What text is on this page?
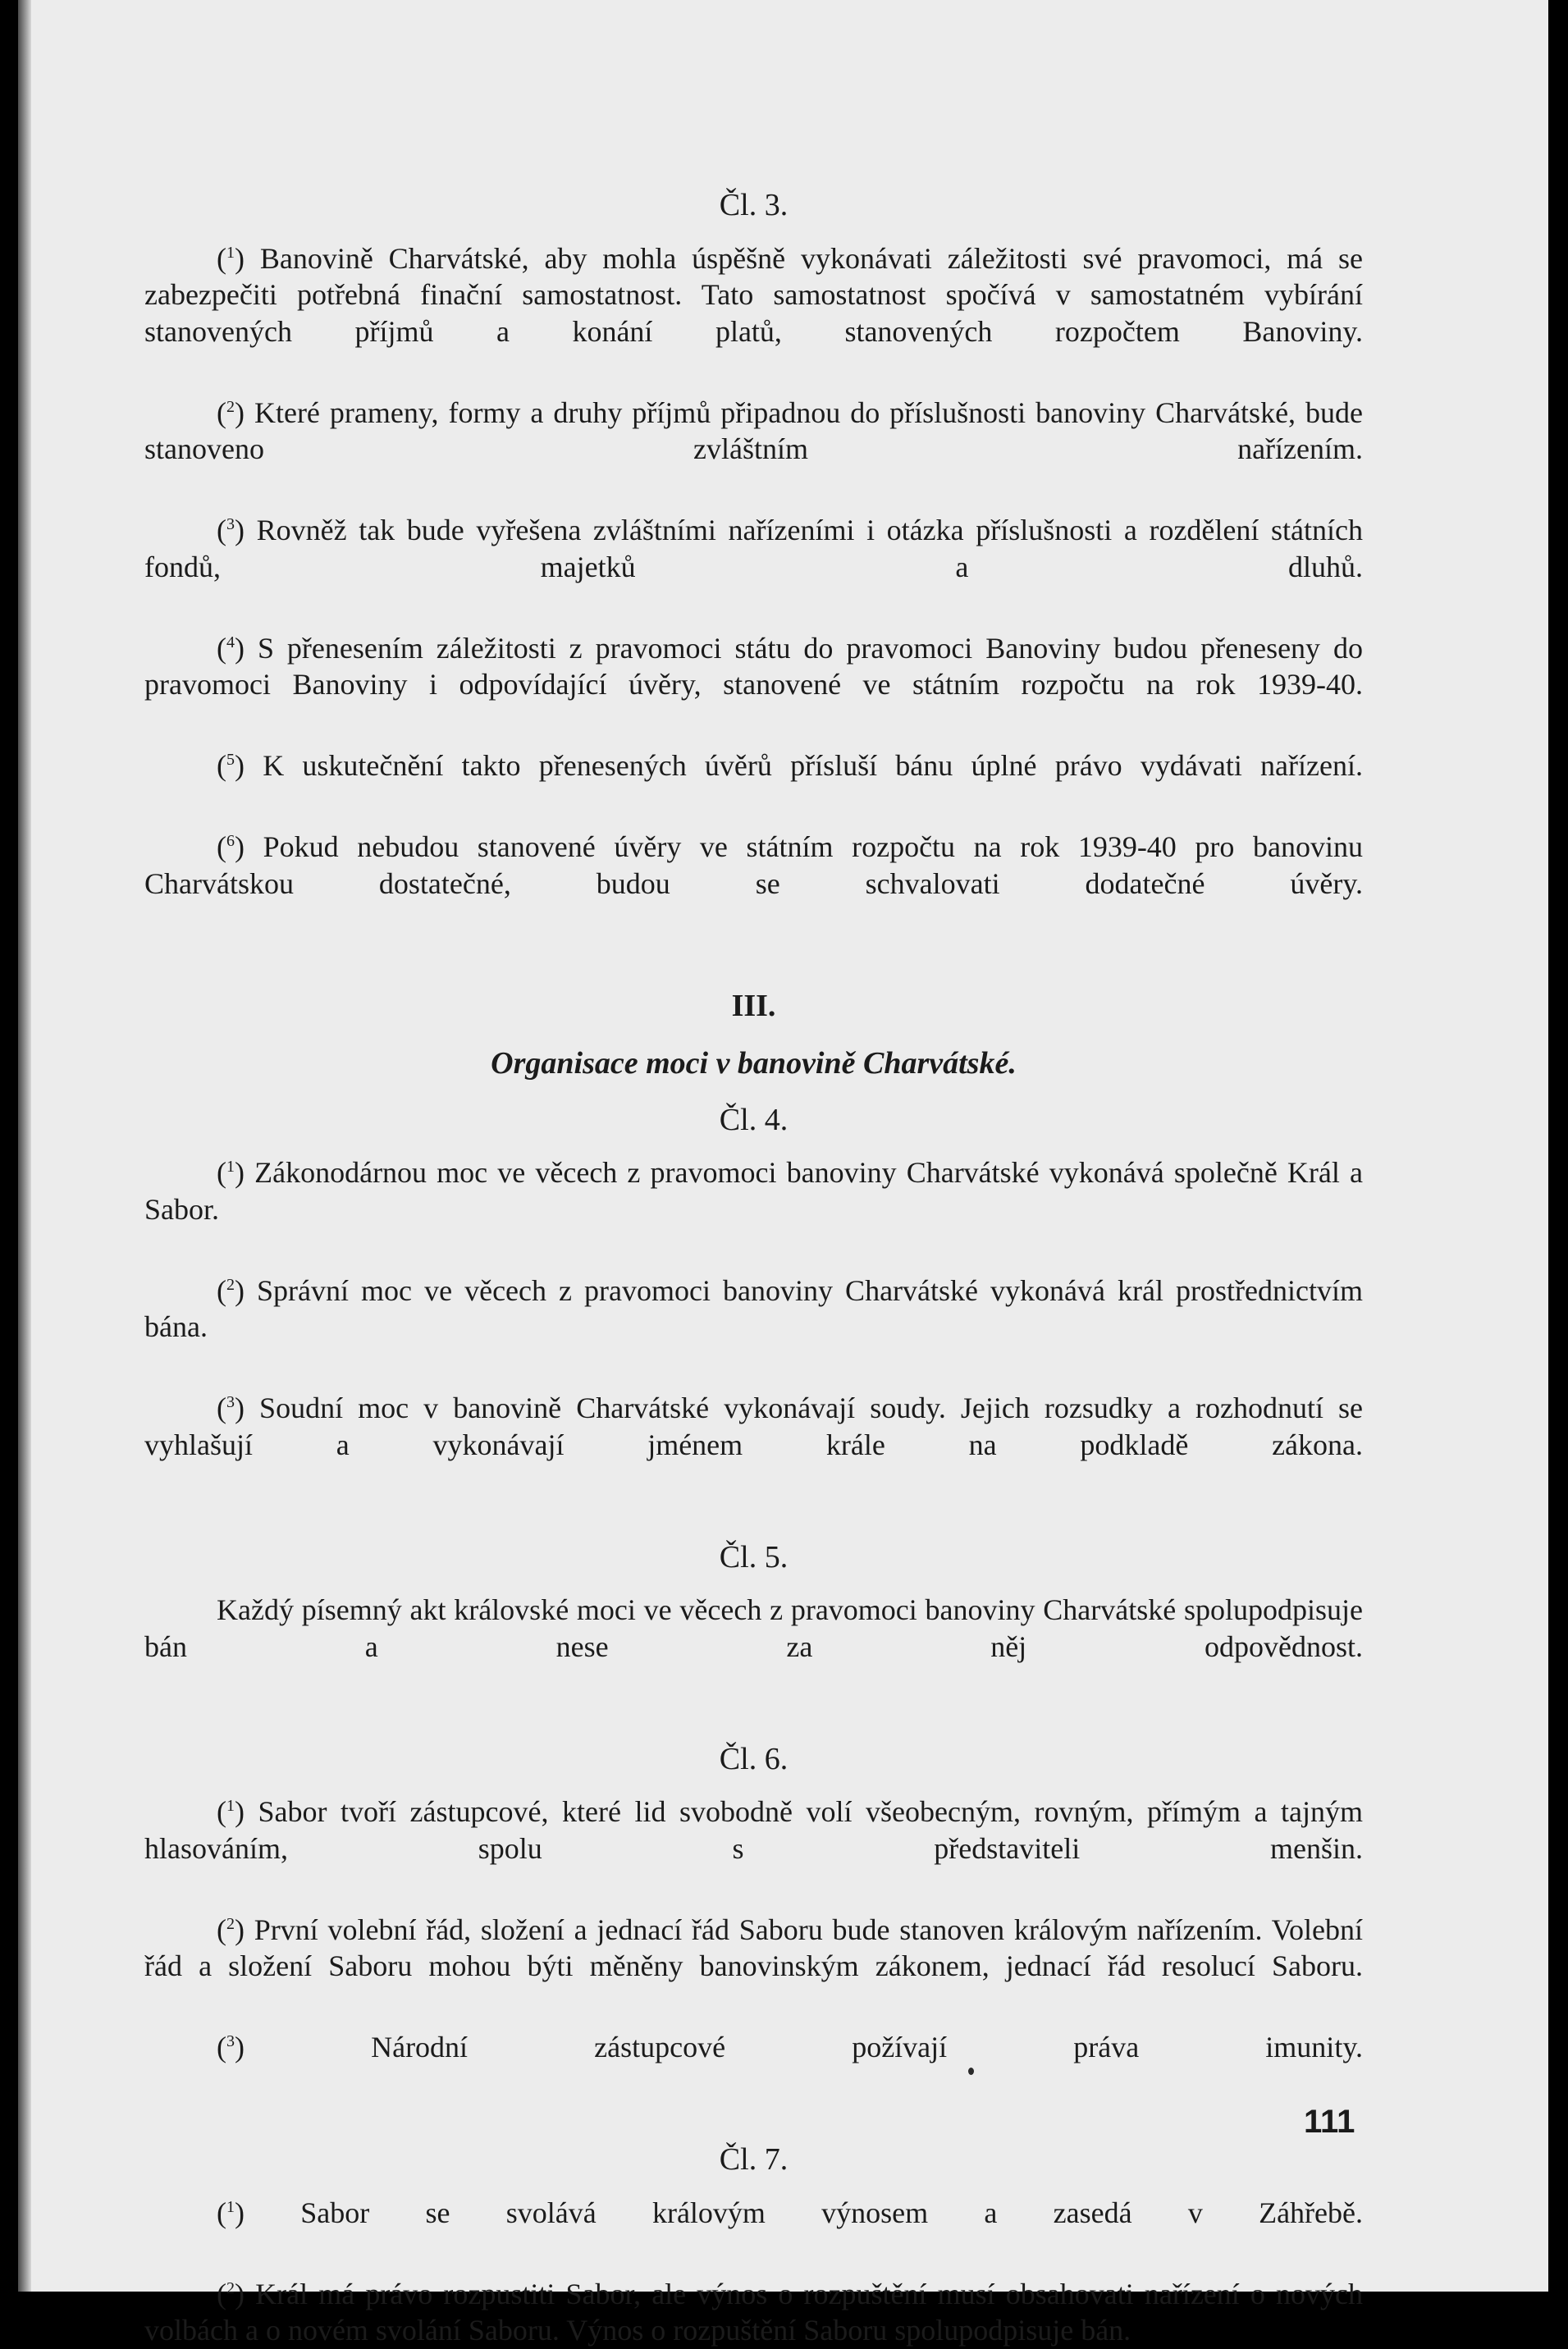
Čl. 3.

($^1$) Banovině Charvátské, aby mohla úspěšně vykonávati záležitosti své pravomoci, má se zabezpečiti potřebná finační samostatnost. Tato samostatnost spočívá v samostatném vybírání stanovených příjmů a konání platů, stanovených rozpočtem Banoviny.

($^2$) Které prameny, formy a druhy příjmů připadnou do příslušnosti banoviny Charvátské, bude stanoveno zvláštním nařízením.

($^3$) Rovněž tak bude vyřešena zvláštními nařízeními i otázka příslušnosti a rozdělení státních fondů, majetků a dluhů.

($^4$) S přenesením záležitosti z pravomoci státu do pravomoci Banoviny budou přeneseny do pravomoci Banoviny i odpovídající úvěry, stanovené ve státním rozpočtu na rok 1939-40.

($^5$) K uskutečnění takto přenesených úvěrů přísluší bánu úplné právo vydávati nařízení.

($^6$) Pokud nebudou stanovené úvěry ve státním rozpočtu na rok 1939-40 pro banovinu Charvátskou dostatečné, budou se schvalovati dodatečné úvěry.

III.
Organisace moci v banovině Charvátské.
Čl. 4.

($^1$) Zákonodárnou moc ve věcech z pravomoci banoviny Charvátské vykonává společně Král a Sabor.

($^2$) Správní moc ve věcech z pravomoci banoviny Charvátské vykonává král prostřednictvím bána.

($^3$) Soudní moc v banovině Charvátské vykonávají soudy. Jejich rozsudky a rozhodnutí se vyhlašují a vykonávají jménem krále na podkladě zákona.

Čl. 5.

Každý písemný akt královské moci ve věcech z pravomoci banoviny Charvátské spolupodpisuje bán a nese za něj odpovědnost.

Čl. 6.

($^1$) Sabor tvoří zástupcové, které lid svobodně volí všeobecným, rovným, přímým a tajným hlasováním, spolu s představiteli menšin.

($^2$) První volební řád, složení a jednací řád Saboru bude stanoven královým nařízením. Volební řád a složení Saboru mohou býti měněny banovinským zákonem, jednací řád resolucí Saboru.

($^3$) Národní zástupcové požívají práva imunity.

Čl. 7.

($^1$) Sabor se svolává královým výnosem a zasedá v Záhřebě.

($^2$) Král má právo rozpustiti Sabor, ale výnos o rozpuštění musí obsahovati nařízení o nových volbách a o novém svolání Saboru. Výnos o rozpuštění Saboru spolupodpisuje bán.

111
